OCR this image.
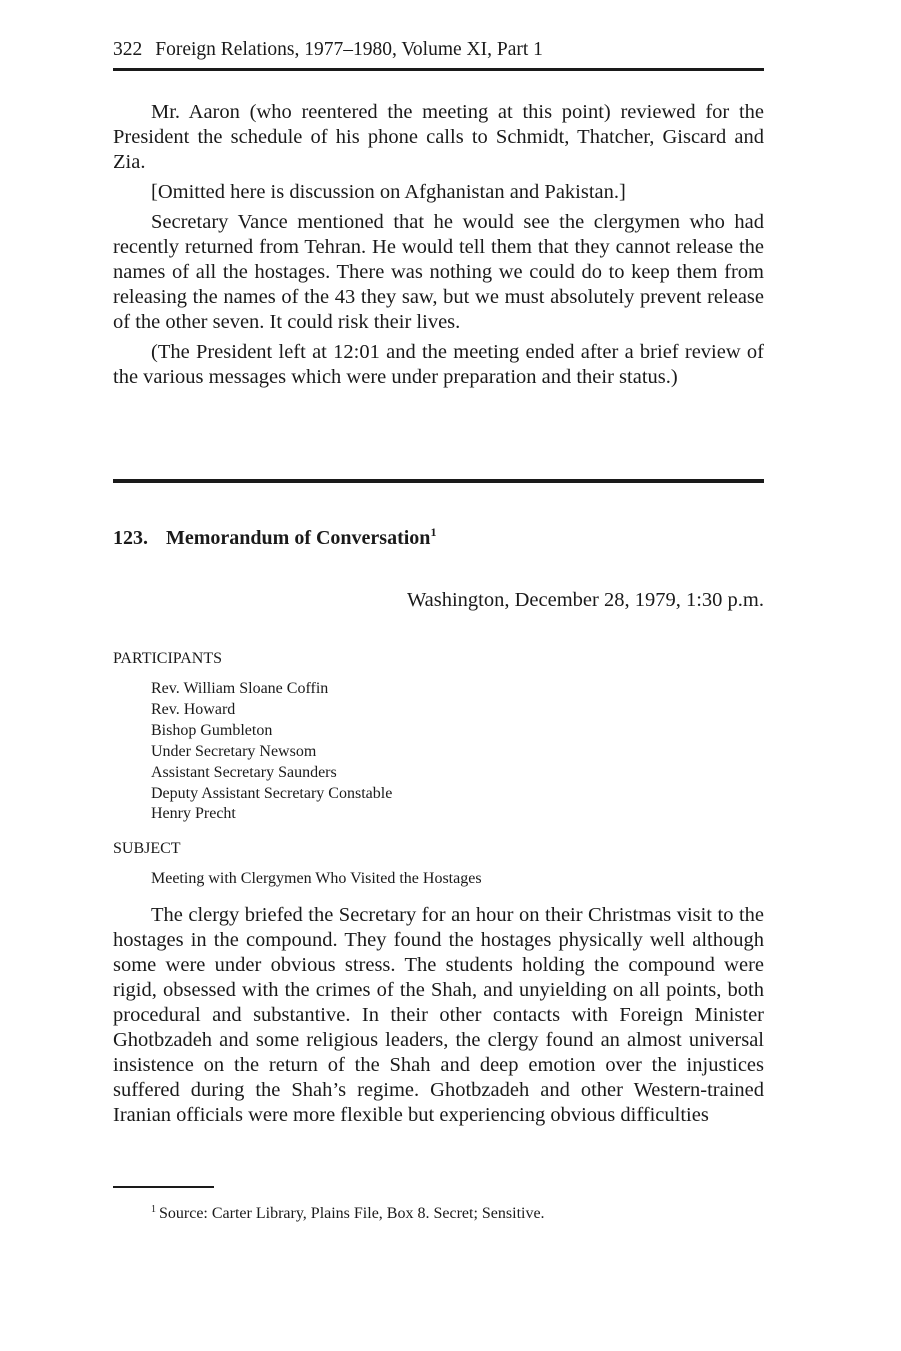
322 Foreign Relations, 1977–1980, Volume XI, Part 1

Mr. Aaron (who reentered the meeting at this point) reviewed for the President the schedule of his phone calls to Schmidt, Thatcher, Giscard and Zia.

[Omitted here is discussion on Afghanistan and Pakistan.]

Secretary Vance mentioned that he would see the clergymen who had recently returned from Tehran. He would tell them that they cannot release the names of all the hostages. There was nothing we could do to keep them from releasing the names of the 43 they saw, but we must absolutely prevent release of the other seven. It could risk their lives.

(The President left at 12:01 and the meeting ended after a brief review of the various messages which were under preparation and their status.)

123. Memorandum of Conversation$^1$
Washington, December 28, 1979, 1:30 p.m.
PARTICIPANTS
Rev. William Sloane Coffin
Rev. Howard
Bishop Gumbleton
Under Secretary Newsom
Assistant Secretary Saunders
Deputy Assistant Secretary Constable
Henry Precht
SUBJECT
Meeting with Clergymen Who Visited the Hostages

The clergy briefed the Secretary for an hour on their Christmas visit to the hostages in the compound. They found the hostages physically well although some were under obvious stress. The students holding the compound were rigid, obsessed with the crimes of the Shah, and unyielding on all points, both procedural and substantive. In their other contacts with Foreign Minister Ghotbzadeh and some religious leaders, the clergy found an almost universal insistence on the return of the Shah and deep emotion over the injustices suffered during the Shah’s regime. Ghotbzadeh and other Western-trained Iranian officials were more flexible but experiencing obvious difficulties

$^1$ Source: Carter Library, Plains File, Box 8. Secret; Sensitive.
